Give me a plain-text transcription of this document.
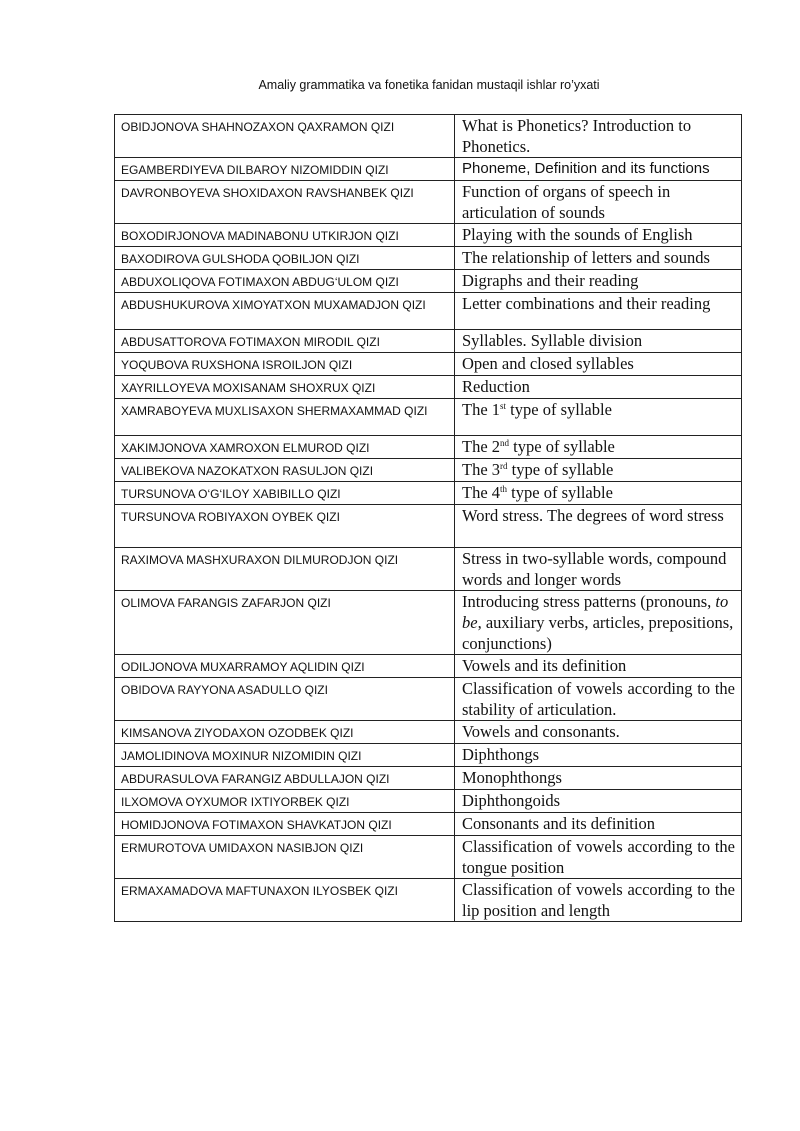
Amaliy grammatika va fonetika fanidan mustaqil ishlar ro’yxati
OBIDJONOVA SHAHNOZAXON QAXRAMON QIZI	What is Phonetics? Introduction to Phonetics.
EGAMBERDIYEVA DILBAROY NIZOMIDDIN QIZI	Phoneme, Definition and its functions
DAVRONBOYEVA SHOXIDAXON RAVSHANBEK QIZI	Function of organs of speech in articulation of sounds
BOXODIRJONOVA MADINABONU UTKIRJON QIZI	Playing with the sounds of English
BAXODIROVA GULSHODA QOBILJON QIZI	The relationship of letters and sounds
ABDUXOLIQOVA FOTIMAXON ABDUG‘ULOM QIZI	Digraphs and their reading
ABDUSHUKUROVA XIMOYATXON MUXAMADJON QIZI	Letter combinations and their reading
ABDUSATTOROVA FOTIMAXON MIRODIL QIZI	Syllables. Syllable division
YOQUBOVA RUXSHONA ISROILJON QIZI	Open and closed syllables
XAYRILLOYEVA MOXISANAM SHOXRUX QIZI	Reduction
XAMRABOYEVA MUXLISAXON SHERMAXAMMAD QIZI	The 1st type of syllable
XAKIMJONOVA XAMROXON ELMUROD QIZI	The 2nd type of syllable
VALIBEKOVA NAZOKATXON RASULJON QIZI	The 3rd type of syllable
TURSUNOVA O‘G‘ILOY XABIBILLO QIZI	The 4th type of syllable
TURSUNOVA ROBIYAXON OYBEK QIZI	Word stress. The degrees of word stress
RAXIMOVA MASHXURAXON DILMURODJON QIZI	Stress in two-syllable words, compound words and longer words
OLIMOVA FARANGIS ZAFARJON QIZI	Introducing stress patterns (pronouns, to be, auxiliary verbs, articles, prepositions, conjunctions)
ODILJONOVA MUXARRAMOY AQLIDIN QIZI	Vowels and its definition
OBIDOVA RAYYONA ASADULLO QIZI	Classification of vowels according to the stability of articulation.
KIMSANOVA ZIYODAXON OZODBEK QIZI	Vowels and consonants.
JAMOLIDINOVA MOXINUR NIZOMIDIN QIZI	Diphthongs
ABDURASULOVA FARANGIZ ABDULLAJON QIZI	Monophthongs
ILXOMOVA OYXUMOR IXTIYORBEK QIZI	Diphthongoids
HOMIDJONOVA FOTIMAXON SHAVKATJON QIZI	Consonants and its definition
ERMUROTOVA UMIDAXON NASIBJON QIZI	Classification of vowels according to the tongue position
ERMAXAMADOVA MAFTUNAXON ILYOSBEK QIZI	Classification of vowels according to the lip position and length
